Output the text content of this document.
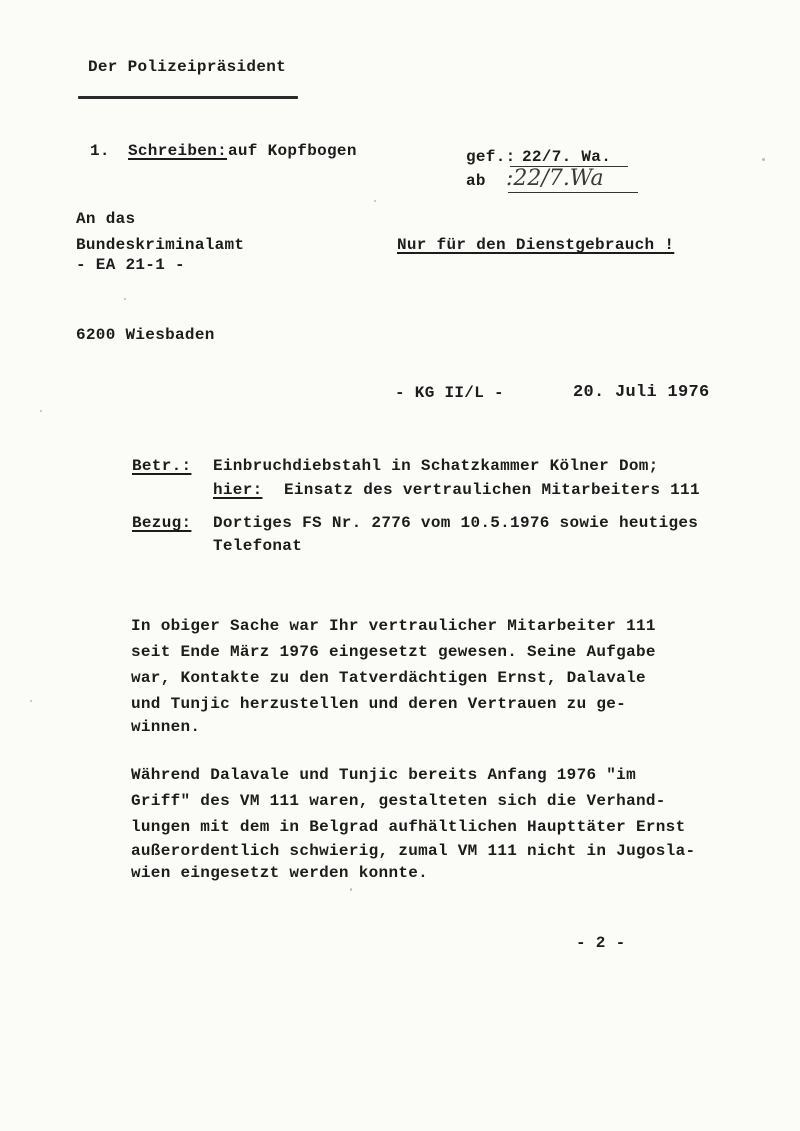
Der Polizeipräsident
1. Schreiben: auf Kopfbogen	gef.: 22/7. Wa.
ab :22/7.Wa
An das
Bundeskriminalamt
- EA 21-1 -
Nur für den Dienstgebrauch !
6200 Wiesbaden
- KG II/L -	20. Juli 1976
Betr.: Einbruchdiebstahl in Schatzkammer Kölner Dom;
hier: Einsatz des vertraulichen Mitarbeiters 111
Bezug: Dortiges FS Nr. 2776 vom 10.5.1976 sowie heutiges
Telefonat
In obiger Sache war Ihr vertraulicher Mitarbeiter 111
seit Ende März 1976 eingesetzt gewesen. Seine Aufgabe
war, Kontakte zu den Tatverdächtigen Ernst, Dalavale
und Tunjic herzustellen und deren Vertrauen zu ge-
winnen.
Während Dalavale und Tunjic bereits Anfang 1976 "im
Griff" des VM 111 waren, gestalteten sich die Verhand-
lungen mit dem in Belgrad aufhältlichen Haupttäter Ernst
außerordentlich schwierig, zumal VM 111 nicht in Jugosla-
wien eingesetzt werden konnte.
- 2 -
